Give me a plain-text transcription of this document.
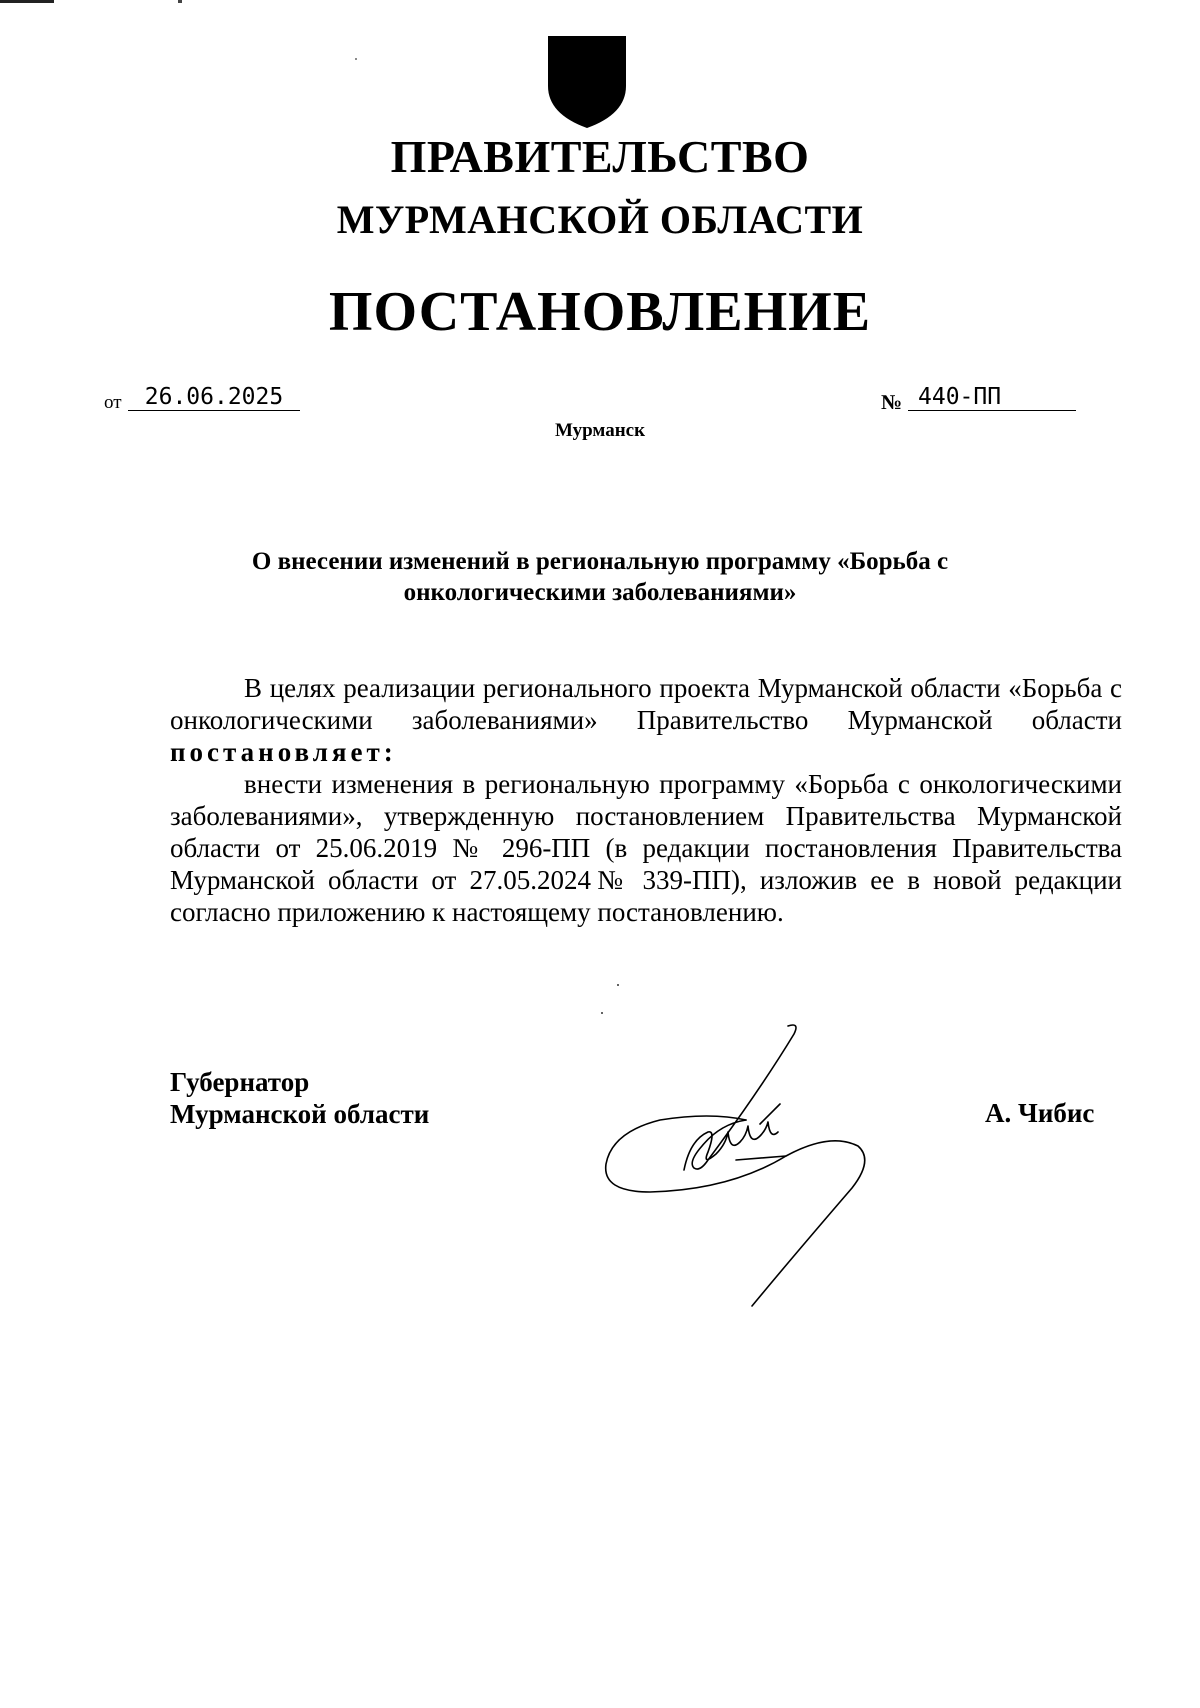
ПРАВИТЕЛЬСТВО
МУРМАНСКОЙ ОБЛАСТИ
ПОСТАНОВЛЕНИЕ
от	26.06.2025	№ 440-ПП
Мурманск
О внесении изменений в региональную программу «Борьба с онкологическими заболеваниями»

В целях реализации регионального проекта Мурманской области «Борьба с онкологическими заболеваниями» Правительство Мурманской области постановляет:

внести изменения в региональную программу «Борьба с онкологическими заболеваниями», утвержденную постановлением Правительства Мурманской области от 25.06.2019 № 296-ПП (в редакции постановления Правительства Мурманской области от 27.05.2024№ 339-ПП), изложив ее в новой редакции согласно приложению к настоящему постановлению.

Губернатор
Мурманской области	А. Чибис
